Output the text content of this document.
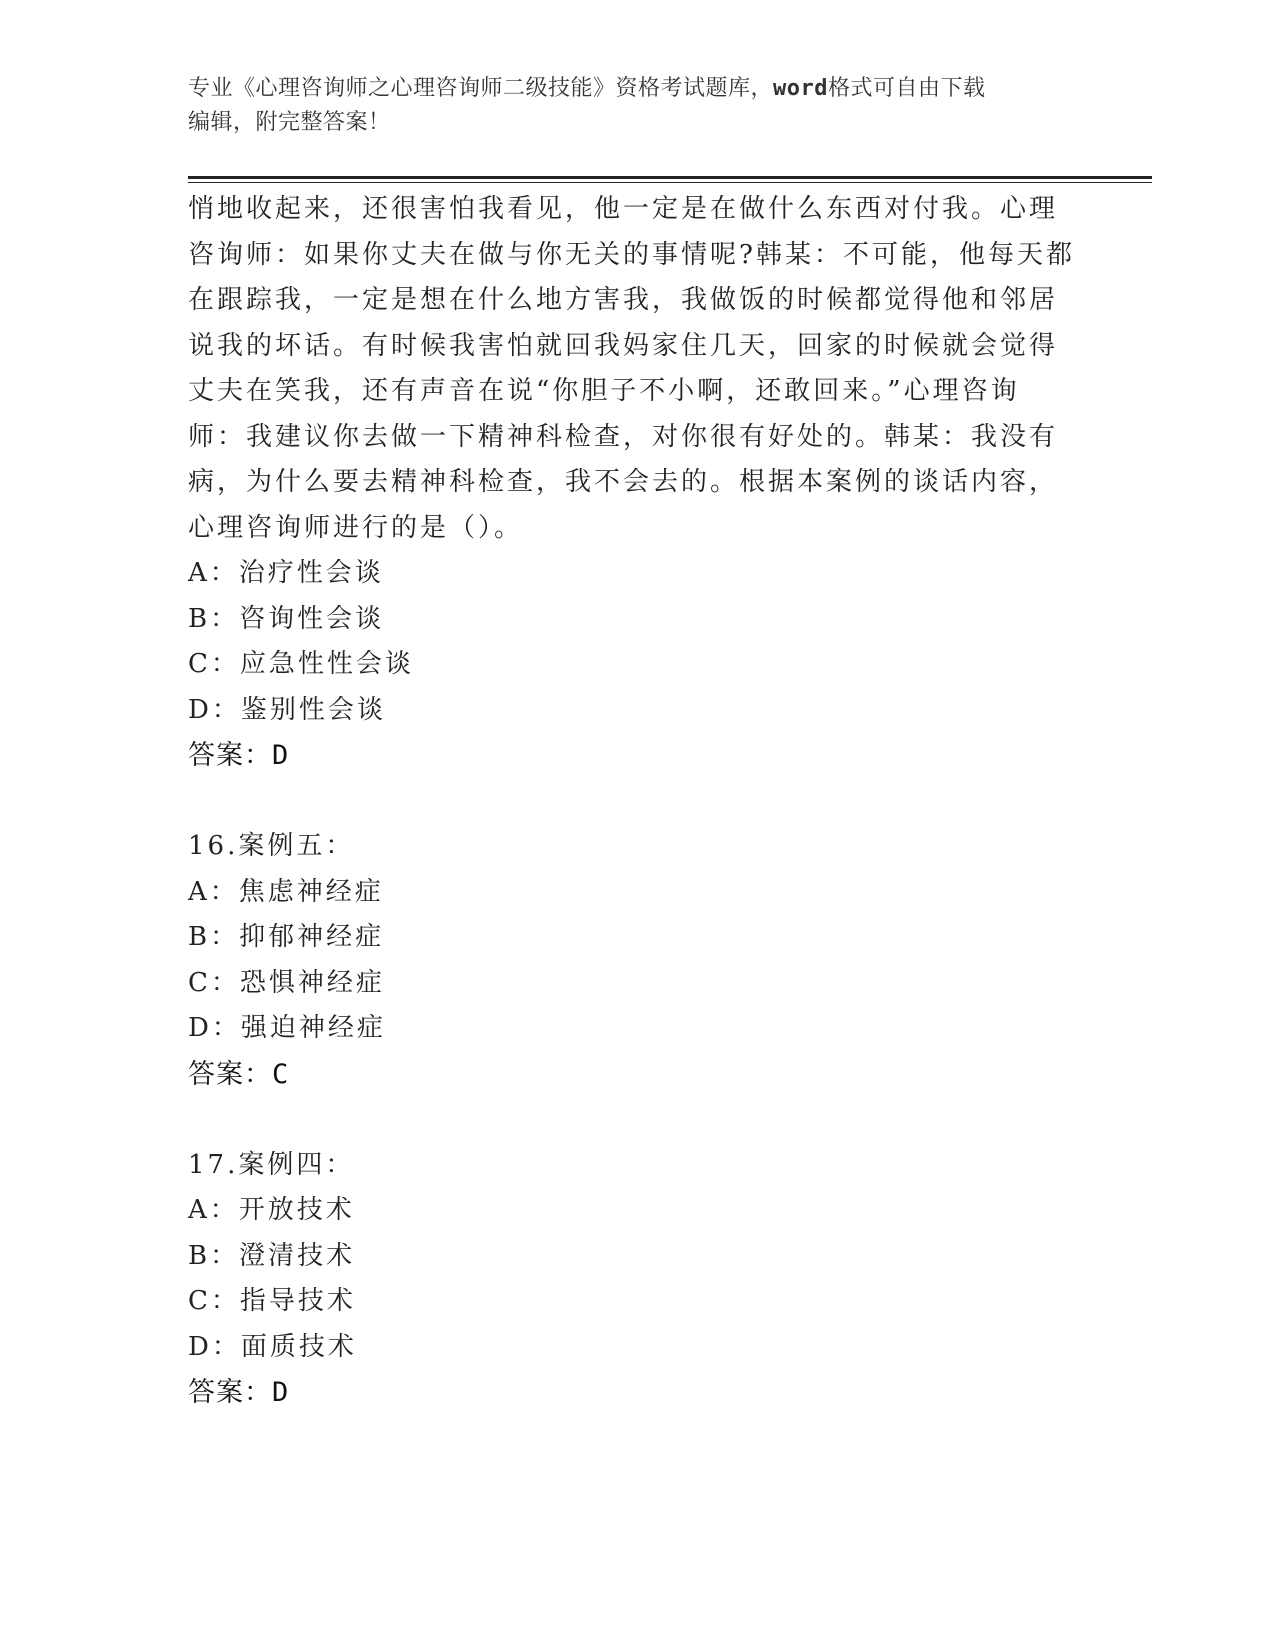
专业《心理咨询师之心理咨询师二级技能》资格考试题库，word格式可自由下载
编辑，附完整答案！
悄地收起来，还很害怕我看见，他一定是在做什么东西对付我。心理
咨询师：如果你丈夫在做与你无关的事情呢?韩某：不可能，他每天都
在跟踪我，一定是想在什么地方害我，我做饭的时候都觉得他和邻居
说我的坏话。有时候我害怕就回我妈家住几天，回家的时候就会觉得
丈夫在笑我，还有声音在说“你胆子不小啊，还敢回来。”心理咨询
师：我建议你去做一下精神科检查，对你很有好处的。韩某：我没有
病，为什么要去精神科检查，我不会去的。根据本案例的谈话内容，
心理咨询师进行的是（）。
A：治疗性会谈
B：咨询性会谈
C：应急性性会谈
D：鉴别性会谈
答案：D
16.案例五：
A：焦虑神经症
B：抑郁神经症
C：恐惧神经症
D：强迫神经症
答案：C
17.案例四：
A：开放技术
B：澄清技术
C：指导技术
D：面质技术
答案：D
